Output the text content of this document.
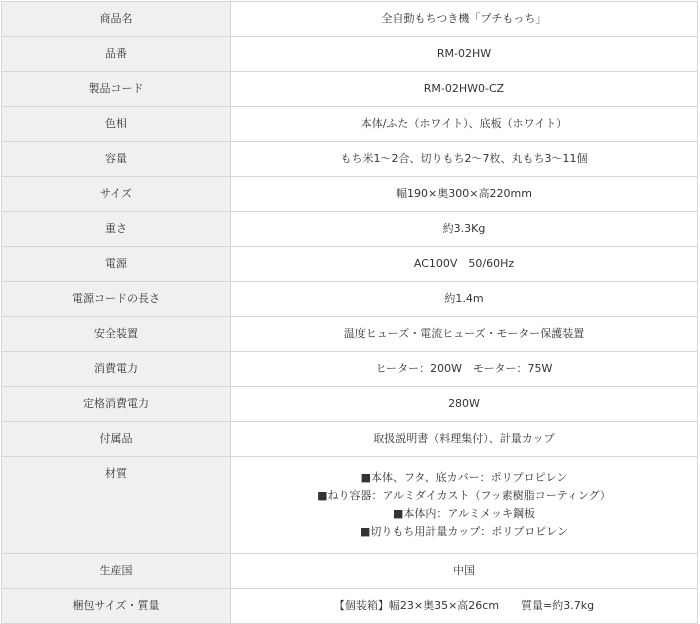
商品名	全自動もちつき機「プチもっち」
品番	RM-02HW
製品コード	RM-02HW0-CZ
色相	本体/ふた（ホワイト）、底板（ホワイト）
容量	もち米1～2合、切りもち2～7枚、丸もち3～11個
サイズ	幅190×奥300×高220mm
重さ	約3.3Kg
電源	AC100V　50/60Hz
電源コードの長さ	約1.4m
安全装置	温度ヒューズ・電流ヒューズ・モーター保護装置
消費電力	ヒーター：200W　モーター：75W
定格消費電力	280W
付属品	取扱説明書（料理集付）、計量カップ
材質	■本体、フタ、底カバー：ポリプロピレン
■ねり容器：アルミダイカスト（フッ素樹脂コーティング）
■本体内：アルミメッキ鋼板
■切りもち用計量カップ：ポリプロピレン

生産国	中国
梱包サイズ・質量	【個装箱】幅23×奥35×高26cm　　質量=約3.7kg
